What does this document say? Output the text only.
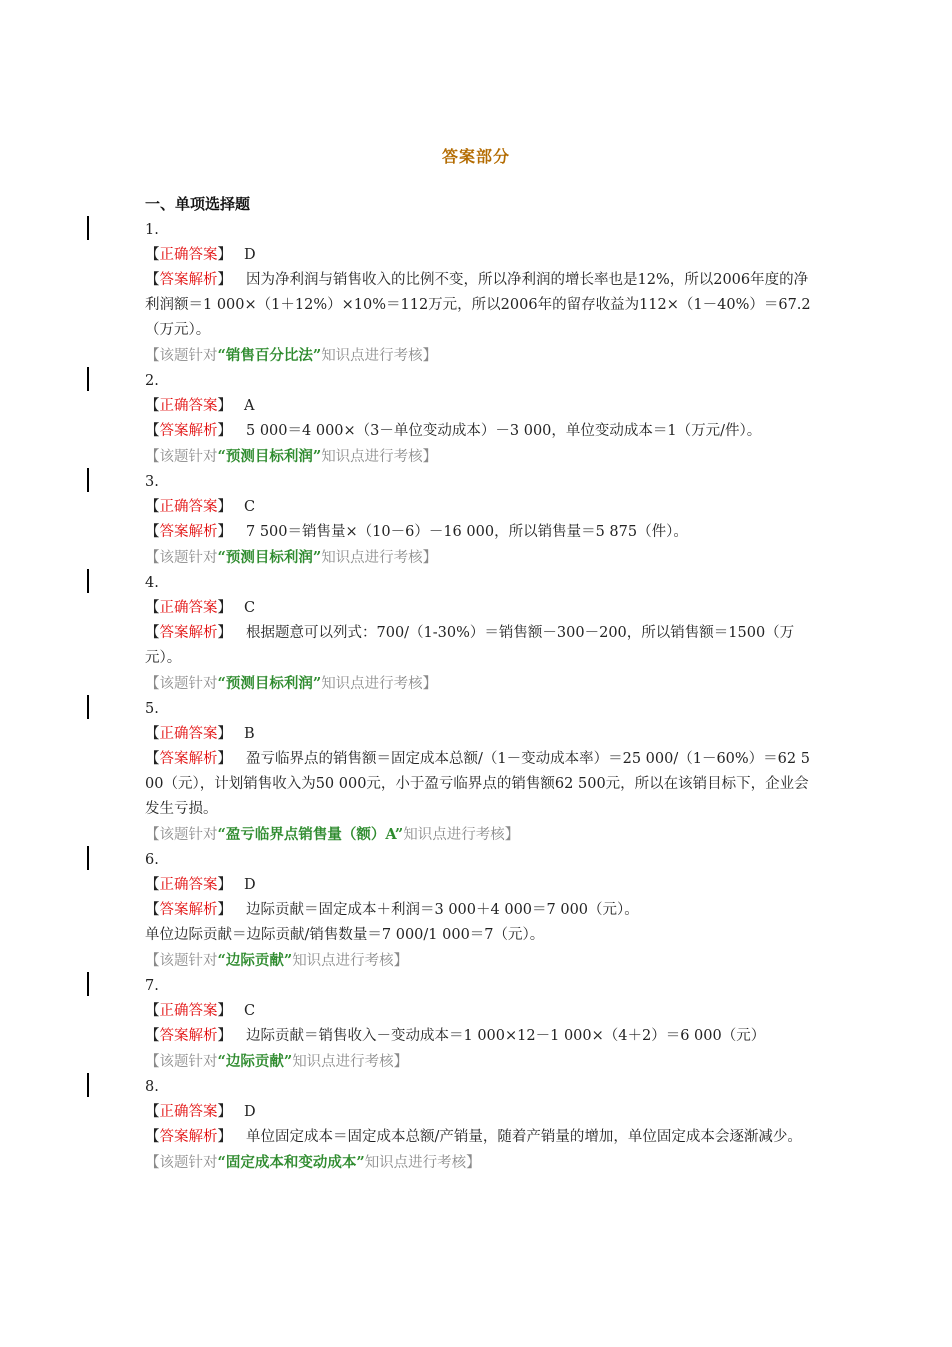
答案部分
一、单项选择题
1.
【正确答案】 D
【答案解析】 因为净利润与销售收入的比例不变，所以净利润的增长率也是12%，所以2006年度的净利润额＝1 000×（1＋12%）×10%＝112万元，所以2006年的留存收益为112×（1－40%）＝67.2（万元）。
【该题针对“销售百分比法”知识点进行考核】
2.
【正确答案】 A
【答案解析】 5 000＝4 000×（3－单位变动成本）－3 000，单位变动成本＝1（万元/件）。
【该题针对“预测目标利润”知识点进行考核】
3.
【正确答案】 C
【答案解析】 7 500＝销售量×（10－6）－16 000，所以销售量＝5 875（件）。
【该题针对“预测目标利润”知识点进行考核】
4.
【正确答案】 C
【答案解析】 根据题意可以列式：700/（1-30%）＝销售额－300－200，所以销售额＝1500（万元）。
【该题针对“预测目标利润”知识点进行考核】
5.
【正确答案】 B
【答案解析】 盈亏临界点的销售额＝固定成本总额/（1－变动成本率）＝25 000/（1－60%）＝62 500（元），计划销售收入为50 000元，小于盈亏临界点的销售额62 500元，所以在该销目标下，企业会发生亏损。
【该题针对“盈亏临界点销售量（额）A”知识点进行考核】
6.
【正确答案】 D
【答案解析】 边际贡献＝固定成本＋利润＝3 000＋4 000＝7 000（元）。
单位边际贡献＝边际贡献/销售数量＝7 000/1 000＝7（元）。
【该题针对“边际贡献”知识点进行考核】
7.
【正确答案】 C
【答案解析】 边际贡献＝销售收入－变动成本＝1 000×12－1 000×（4＋2）＝6 000（元）
【该题针对“边际贡献”知识点进行考核】
8.
【正确答案】 D
【答案解析】 单位固定成本＝固定成本总额/产销量，随着产销量的增加，单位固定成本会逐渐减少。
【该题针对“固定成本和变动成本”知识点进行考核】
